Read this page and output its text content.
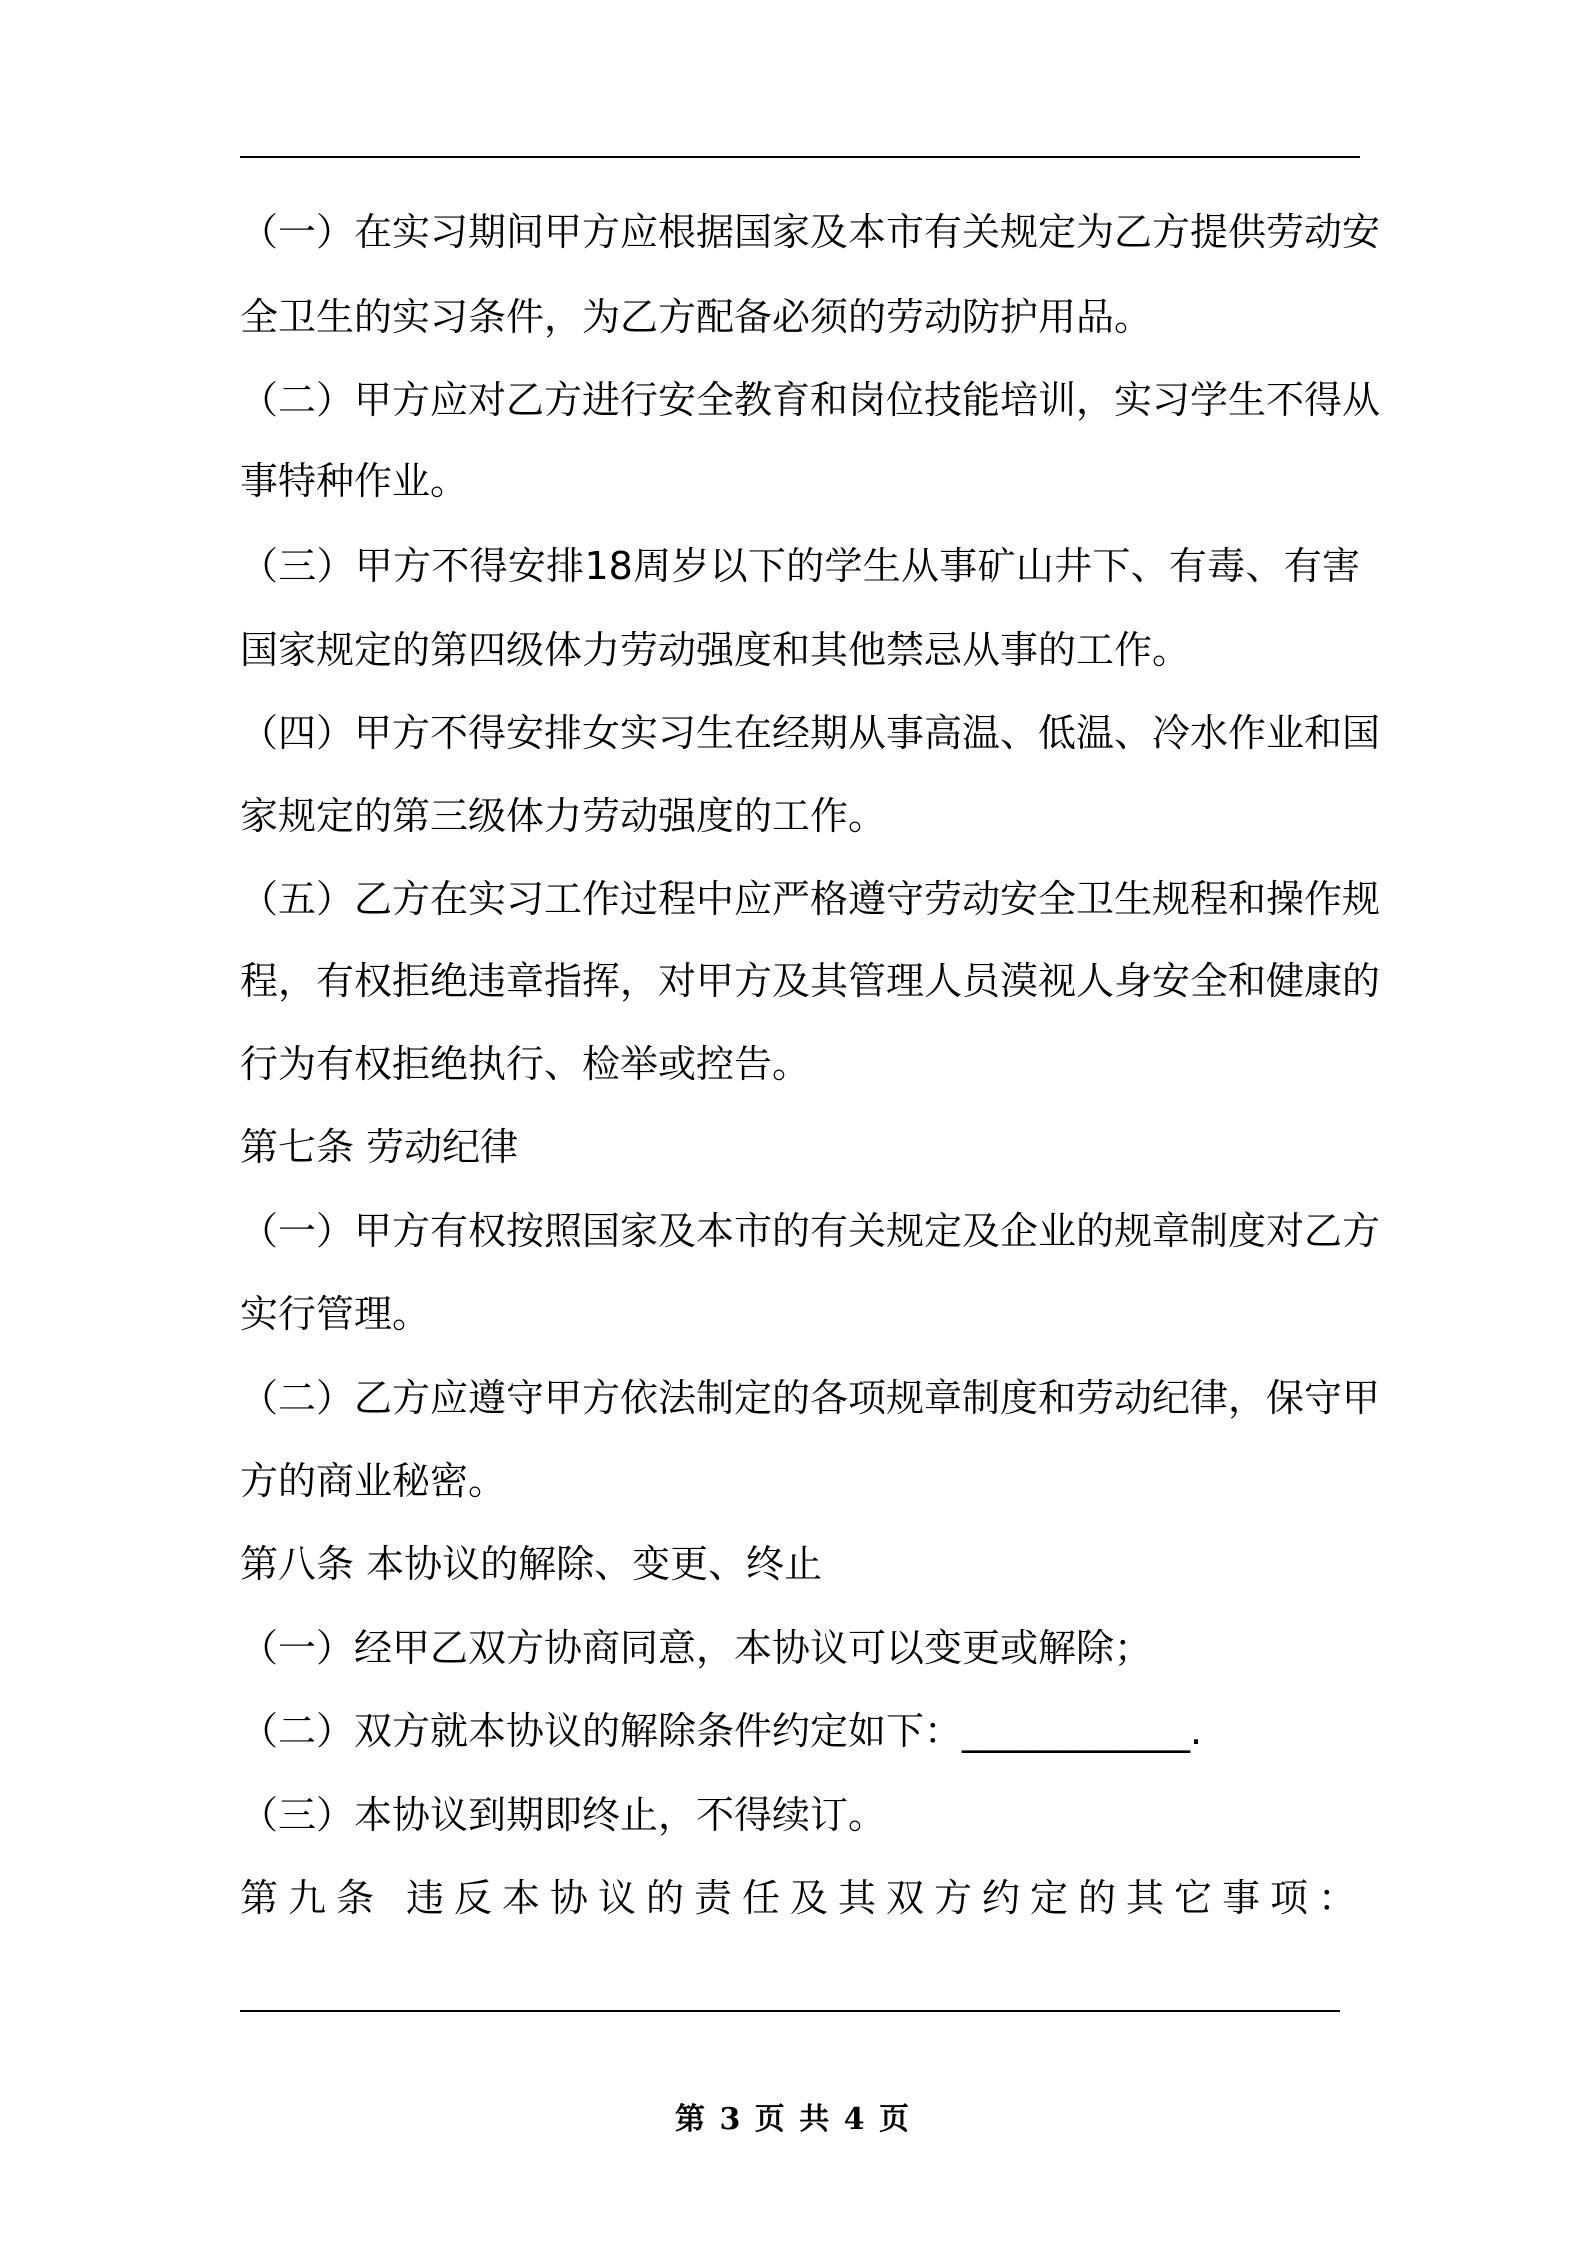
（一）在实习期间甲方应根据国家及本市有关规定为乙方提供劳动安
全卫生的实习条件，为乙方配备必须的劳动防护用品。
（二）甲方应对乙方进行安全教育和岗位技能培训，实习学生不得从
事特种作业。
（三）甲方不得安排18周岁以下的学生从事矿山井下、有毒、有害
国家规定的第四级体力劳动强度和其他禁忌从事的工作。
（四）甲方不得安排女实习生在经期从事高温、低温、冷水作业和国
家规定的第三级体力劳动强度的工作。
（五）乙方在实习工作过程中应严格遵守劳动安全卫生规程和操作规
程，有权拒绝违章指挥，对甲方及其管理人员漠视人身安全和健康的
行为有权拒绝执行、检举或控告。
第七条 劳动纪律
（一）甲方有权按照国家及本市的有关规定及企业的规章制度对乙方
实行管理。
（二）乙方应遵守甲方依法制定的各项规章制度和劳动纪律，保守甲
方的商业秘密。
第八条 本协议的解除、变更、终止
（一）经甲乙双方协商同意，本协议可以变更或解除；
（二）双方就本协议的解除条件约定如下：____________.
（三）本协议到期即终止，不得续订。
第九条 违反本协议的责任及其双方约定的其它事项：
第 3 页 共 4 页
